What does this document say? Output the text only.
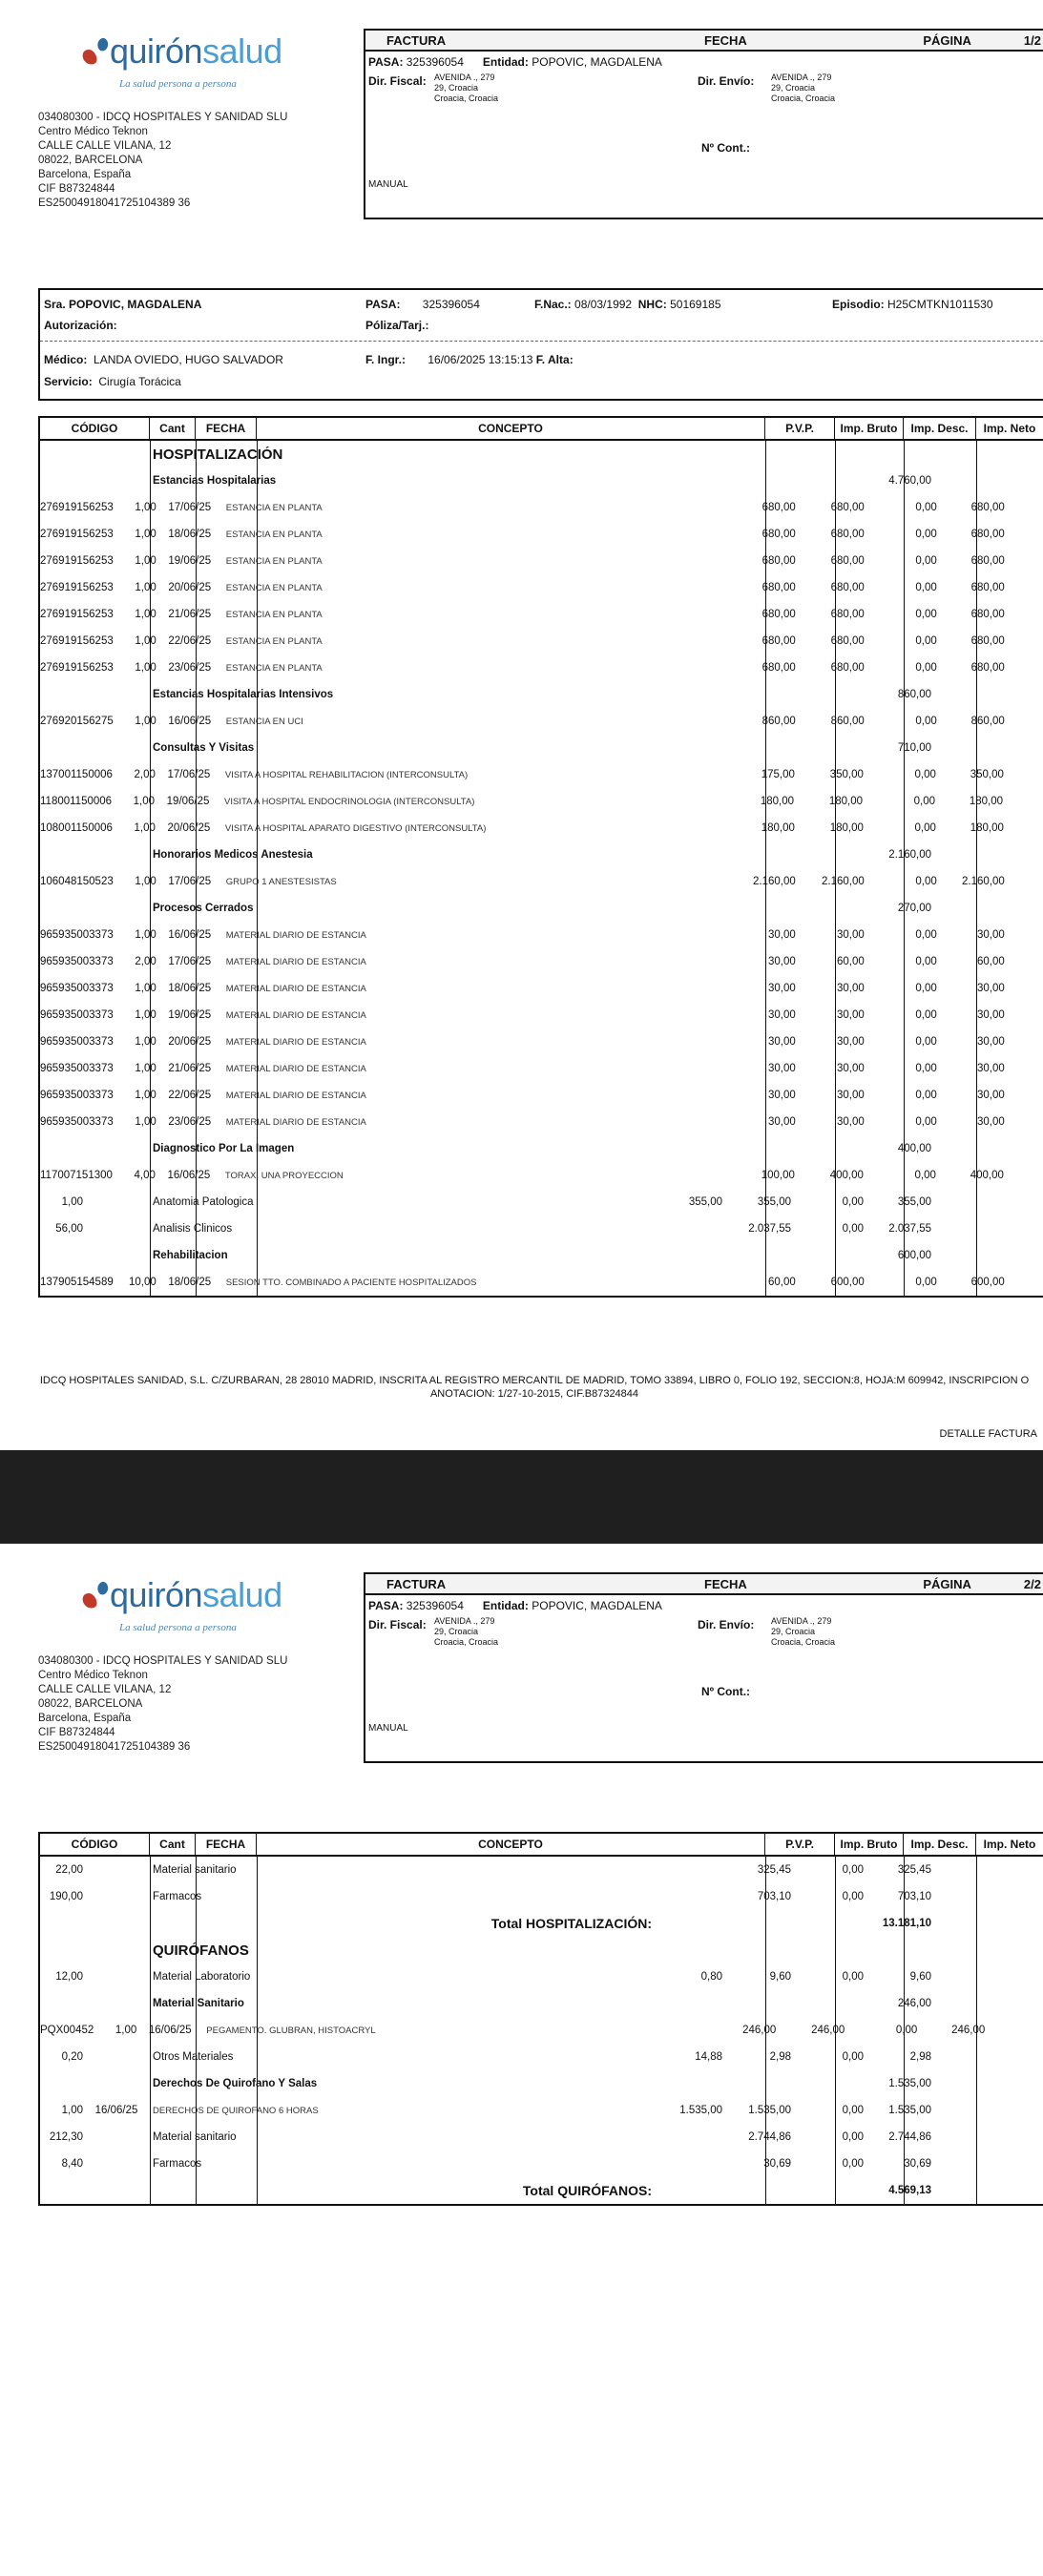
quirónsalud
La salud persona a persona
034080300 - IDCQ HOSPITALES Y SANIDAD SLU
Centro Médico Teknon
CALLE CALLE VILANA, 12
08022, BARCELONA
Barcelona, España
CIF B87324844
ES25004918041725104389 36
FACTURA	FECHA	PÁGINA	1/2
PASA: 325396054 Entidad: POPOVIC, MAGDALENA
Dir. Fiscal: AVENIDA ., 279
29, Croacia
Croacia, Croacia
Dir. Envío: AVENIDA ., 279
29, Croacia
Croacia, Croacia
Nº Cont.:
MANUAL
Sra. POPOVIC, MAGDALENA	PASA: 325396054	F.Nac.: 08/03/1992 NHC: 50169185	Episodio: H25CMTKN1011530
Autorización:	Póliza/Tarj.:
Médico: LANDA OVIEDO, HUGO SALVADOR	F. Ingr.: 16/06/2025 13:15:13 F. Alta:
Servicio: Cirugía Torácica
CÓDIGO	Cant	FECHA	CONCEPTO	P.V.P.	Imp. Bruto	Imp. Desc.	Imp. Neto
HOSPITALIZACIÓN
Estancias Hospitalarias	4.760,00
276919156253	1,00	17/06/25	ESTANCIA EN PLANTA	680,00	680,00	0,00	680,00
276919156253	1,00	18/06/25	ESTANCIA EN PLANTA	680,00	680,00	0,00	680,00
276919156253	1,00	19/06/25	ESTANCIA EN PLANTA	680,00	680,00	0,00	680,00
276919156253	1,00	20/06/25	ESTANCIA EN PLANTA	680,00	680,00	0,00	680,00
276919156253	1,00	21/06/25	ESTANCIA EN PLANTA	680,00	680,00	0,00	680,00
276919156253	1,00	22/06/25	ESTANCIA EN PLANTA	680,00	680,00	0,00	680,00
276919156253	1,00	23/06/25	ESTANCIA EN PLANTA	680,00	680,00	0,00	680,00
Estancias Hospitalarias Intensivos	860,00
276920156275	1,00	16/06/25	ESTANCIA EN UCI	860,00	860,00	0,00	860,00
Consultas Y Visitas	710,00
137001150006	2,00	17/06/25	VISITA A HOSPITAL REHABILITACION (INTERCONSULTA)	175,00	350,00	0,00	350,00
118001150006	1,00	19/06/25	VISITA A HOSPITAL ENDOCRINOLOGIA (INTERCONSULTA)	180,00	180,00	0,00	180,00
108001150006	1,00	20/06/25	VISITA A HOSPITAL APARATO DIGESTIVO (INTERCONSULTA)	180,00	180,00	0,00	180,00
Honorarios Medicos Anestesia	2.160,00
106048150523	1,00	17/06/25	GRUPO 1 ANESTESISTAS	2.160,00	2.160,00	0,00	2.160,00
Procesos Cerrados	270,00
965935003373	1,00	16/06/25	MATERIAL DIARIO DE ESTANCIA	30,00	30,00	0,00	30,00
965935003373	2,00	17/06/25	MATERIAL DIARIO DE ESTANCIA	30,00	60,00	0,00	60,00
965935003373	1,00	18/06/25	MATERIAL DIARIO DE ESTANCIA	30,00	30,00	0,00	30,00
965935003373	1,00	19/06/25	MATERIAL DIARIO DE ESTANCIA	30,00	30,00	0,00	30,00
965935003373	1,00	20/06/25	MATERIAL DIARIO DE ESTANCIA	30,00	30,00	0,00	30,00
965935003373	1,00	21/06/25	MATERIAL DIARIO DE ESTANCIA	30,00	30,00	0,00	30,00
965935003373	1,00	22/06/25	MATERIAL DIARIO DE ESTANCIA	30,00	30,00	0,00	30,00
965935003373	1,00	23/06/25	MATERIAL DIARIO DE ESTANCIA	30,00	30,00	0,00	30,00
Diagnostico Por La Imagen	400,00
117007151300	4,00	16/06/25	TORAX. UNA PROYECCION	100,00	400,00	0,00	400,00
1,00	Anatomia Patologica	355,00	355,00	0,00	355,00
56,00	Analisis Clinicos	2.037,55	0,00	2.037,55
Rehabilitacion	600,00
137905154589	10,00	18/06/25	SESION TTO. COMBINADO A PACIENTE HOSPITALIZADOS	60,00	600,00	0,00	600,00
IDCQ HOSPITALES SANIDAD, S.L. C/ZURBARAN, 28 28010 MADRID, INSCRITA AL REGISTRO MERCANTIL DE MADRID, TOMO 33894, LIBRO 0, FOLIO 192, SECCION:8, HOJA:M 609942, INSCRIPCION O ANOTACION: 1/27-10-2015, CIF.B87324844
DETALLE FACTURA
quirónsalud
La salud persona a persona
034080300 - IDCQ HOSPITALES Y SANIDAD SLU
Centro Médico Teknon
CALLE CALLE VILANA, 12
08022, BARCELONA
Barcelona, España
CIF B87324844
ES25004918041725104389 36
FACTURA	FECHA	PÁGINA	2/2
PASA: 325396054 Entidad: POPOVIC, MAGDALENA
Dir. Fiscal: AVENIDA ., 279
29, Croacia
Croacia, Croacia
Dir. Envío: AVENIDA ., 279
29, Croacia
Croacia, Croacia
Nº Cont.:
MANUAL
CÓDIGO	Cant	FECHA	CONCEPTO	P.V.P.	Imp. Bruto	Imp. Desc.	Imp. Neto
22,00	Material sanitario	325,45	0,00	325,45
190,00	Farmacos	703,10	0,00	703,10
Total HOSPITALIZACIÓN:	13.181,10
QUIRÓFANOS
12,00	Material Laboratorio	0,80	9,60	0,00	9,60
Material Sanitario	246,00
PQX00452	1,00	16/06/25	PEGAMENTO. GLUBRAN, HISTOACRYL	246,00	246,00	0,00	246,00
0,20	Otros Materiales	14,88	2,98	0,00	2,98
Derechos De Quirofano Y Salas	1.535,00
1,00	16/06/25	DERECHOS DE QUIROFANO 6 HORAS	1.535,00	1.535,00	0,00	1.535,00
212,30	Material sanitario	2.744,86	0,00	2.744,86
8,40	Farmacos	30,69	0,00	30,69
Total QUIRÓFANOS:	4.569,13
